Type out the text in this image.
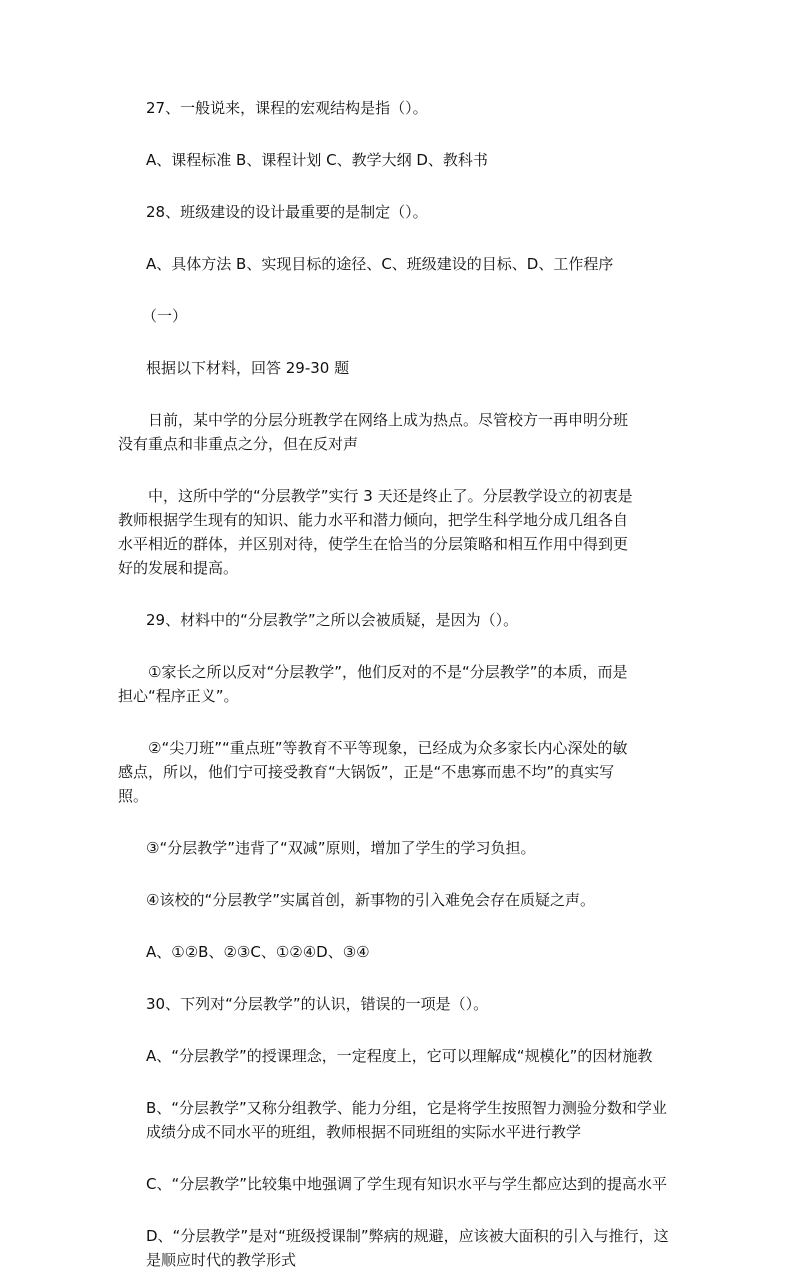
27、一般说来，课程的宏观结构是指（）。

A、课程标准 B、课程计划 C、教学大纲 D、教科书

28、班级建设的设计最重要的是制定（）。

A、具体方法 B、实现目标的途径、C、班级建设的目标、D、工作程序

（一）

根据以下材料，回答 29-30 题

日前，某中学的分层分班教学在网络上成为热点。尽管校方一再申明分班没有重点和非重点之分，但在反对声

中，这所中学的“分层教学”实行 3 天还是终止了。分层教学设立的初衷是教师根据学生现有的知识、能力水平和潜力倾向，把学生科学地分成几组各自水平相近的群体，并区别对待，使学生在恰当的分层策略和相互作用中得到更好的发展和提高。

29、材料中的“分层教学”之所以会被质疑，是因为（）。

①家长之所以反对“分层教学”，他们反对的不是“分层教学”的本质，而是担心“程序正义”。

②“尖刀班”“重点班”等教育不平等现象，已经成为众多家长内心深处的敏感点，所以，他们宁可接受教育“大锅饭”，正是“不患寡而患不均”的真实写照。

③“分层教学”违背了“双减”原则，增加了学生的学习负担。

④该校的“分层教学”实属首创，新事物的引入难免会存在质疑之声。

A、①②B、②③C、①②④D、③④

30、下列对“分层教学”的认识，错误的一项是（）。

A、“分层教学”的授课理念，一定程度上，它可以理解成“规模化”的因材施教

B、“分层教学”又称分组教学、能力分组，它是将学生按照智力测验分数和学业成绩分成不同水平的班组，教师根据不同班组的实际水平进行教学

C、“分层教学”比较集中地强调了学生现有知识水平与学生都应达到的提高水平

D、“分层教学”是对“班级授课制”弊病的规避，应该被大面积的引入与推行，这是顺应时代的教学形式
